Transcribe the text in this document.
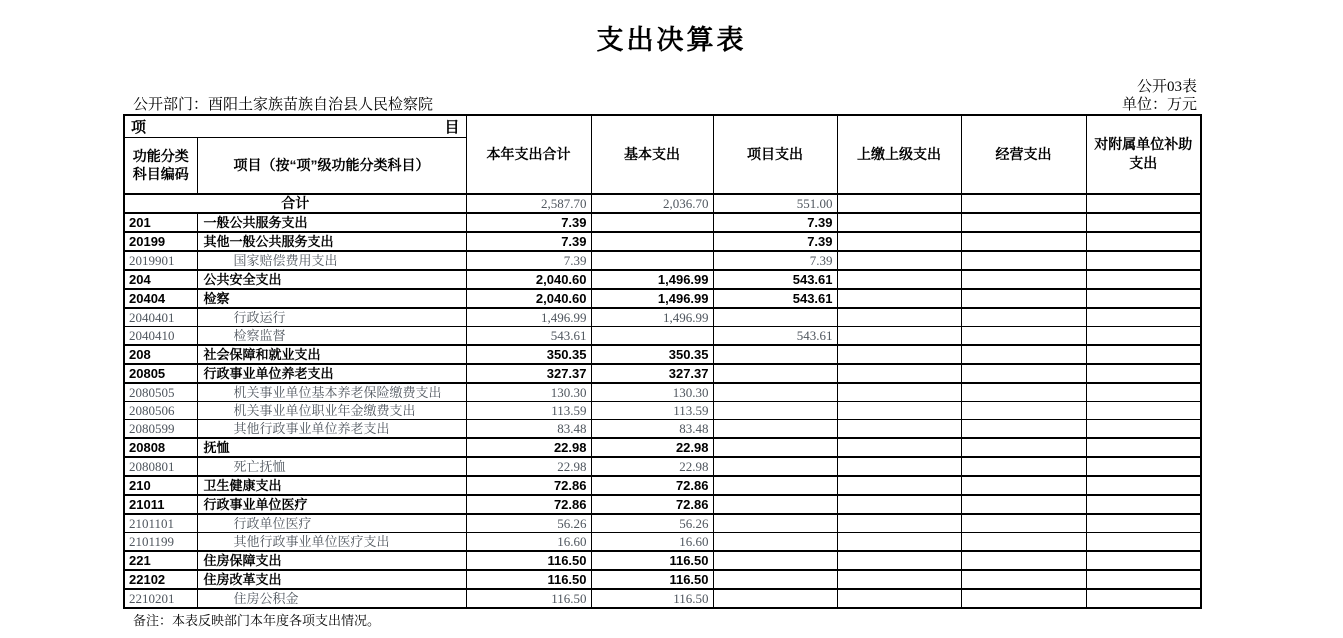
支出决算表
公开03表
公开部门：酉阳土家族苗族自治县人民检察院	单位：万元
项 目		本年支出合计	基本支出	项目支出	上缴上级支出	经营支出	对附属单位补助支出
功能分类科目编码	项目（按“项”级功能分类科目）						
合计		2,587.70	2,036.70	551.00			
201	一般公共服务支出	7.39		7.39			
20199	其他一般公共服务支出	7.39		7.39			
2019901	国家赔偿费用支出	7.39		7.39			
204	公共安全支出	2,040.60	1,496.99	543.61			
20404	检察	2,040.60	1,496.99	543.61			
2040401	行政运行	1,496.99	1,496.99				
2040410	检察监督	543.61		543.61			
208	社会保障和就业支出	350.35	350.35				
20805	行政事业单位养老支出	327.37	327.37				
2080505	机关事业单位基本养老保险缴费支出	130.30	130.30				
2080506	机关事业单位职业年金缴费支出	113.59	113.59				
2080599	其他行政事业单位养老支出	83.48	83.48				
20808	抚恤	22.98	22.98				
2080801	死亡抚恤	22.98	22.98				
210	卫生健康支出	72.86	72.86				
21011	行政事业单位医疗	72.86	72.86				
2101101	行政单位医疗	56.26	56.26				
2101199	其他行政事业单位医疗支出	16.60	16.60				
221	住房保障支出	116.50	116.50				
22102	住房改革支出	116.50	116.50				
2210201	住房公积金	116.50	116.50				
备注：本表反映部门本年度各项支出情况。
